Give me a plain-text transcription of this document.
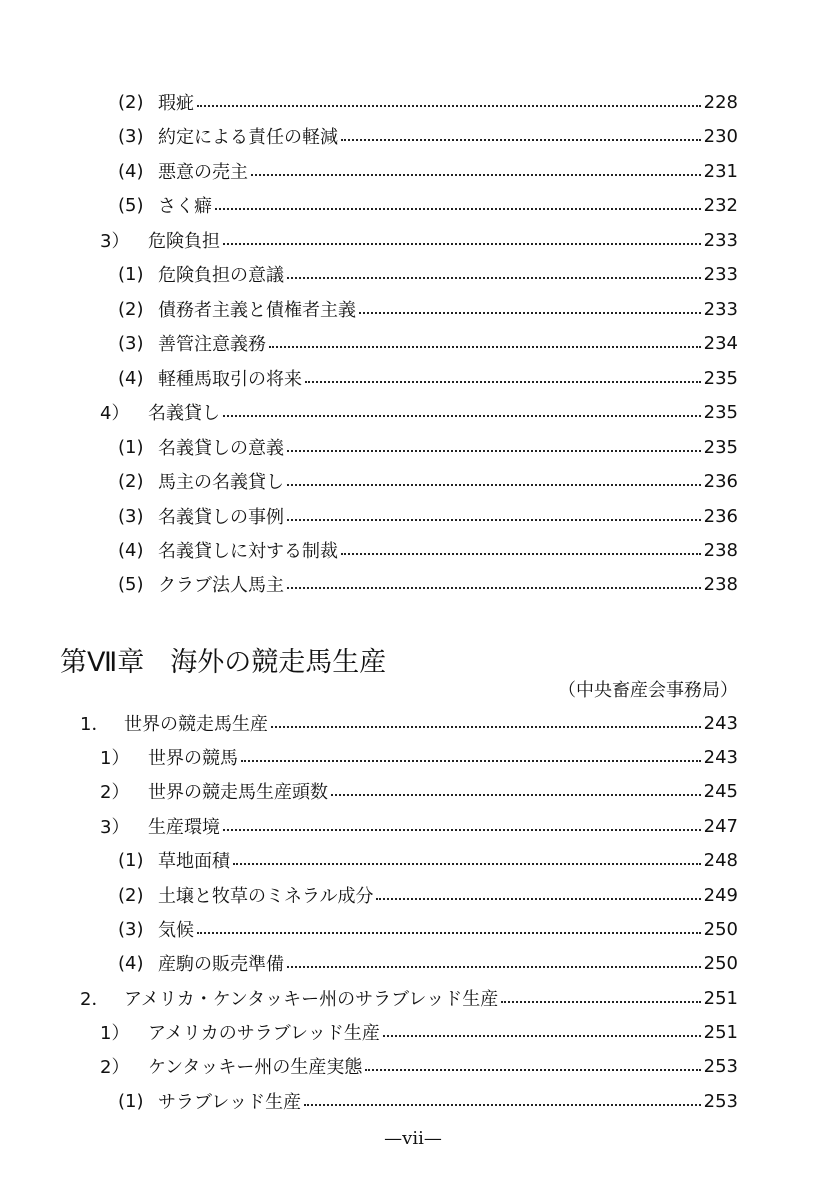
(2) 瑕疵	228
(3) 約定による責任の軽減	230
(4) 悪意の売主	231
(5) さく癖	232
3）	危険負担	233
(1) 危険負担の意議	233
(2) 債務者主義と債権者主義	233
(3) 善管注意義務	234
(4) 軽種馬取引の将来	235
4）	名義貸し	235
(1) 名義貸しの意義	235
(2) 馬主の名義貸し	236
(3) 名義貸しの事例	236
(4) 名義貸しに対する制裁	238
(5) クラブ法人馬主	238
第Ⅶ章 海外の競走馬生産
（中央畜産会事務局）
1． 世界の競走馬生産	243
1）	世界の競馬	243
2）	世界の競走馬生産頭数	245
3）	生産環境	247
(1) 草地面積	248
(2) 土壌と牧草のミネラル成分	249
(3) 気候	250
(4) 産駒の販売準備	250
2． アメリカ・ケンタッキー州のサラブレッド生産	251
1）	アメリカのサラブレッド生産	251
2）	ケンタッキー州の生産実態	253
(1) サラブレッド生産	253
—vii—
